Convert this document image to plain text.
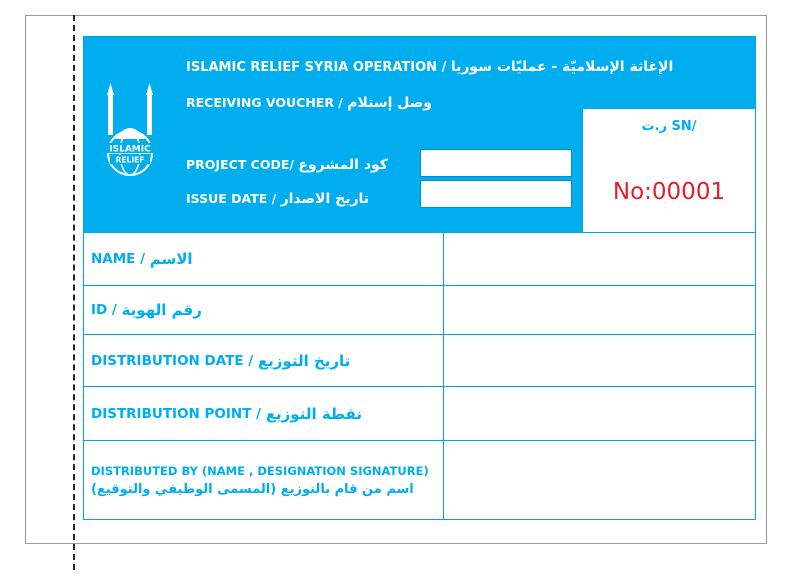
ISLAMIC
RELIEF
ISLAMIC RELIEF SYRIA OPERATION / الإغاثة الإسلاميّة - عمليّات سوريا
RECEIVING VOUCHER / وصل إستلام
PROJECT CODE/ كود المشروع
ISSUE DATE / تاريخ الاصدار
ر.ت SN/
No:00001
NAME /
الاسم
ID /
رقم الهوية
DISTRIBUTION DATE /
تاريخ التوزيع
DISTRIBUTION POINT /
نقطة التوزيع
DISTRIBUTED BY (NAME , DESIGNATION SIGNATURE)
اسم من قام بالتوزيع (المسمى الوظيفي والتوقيع)
